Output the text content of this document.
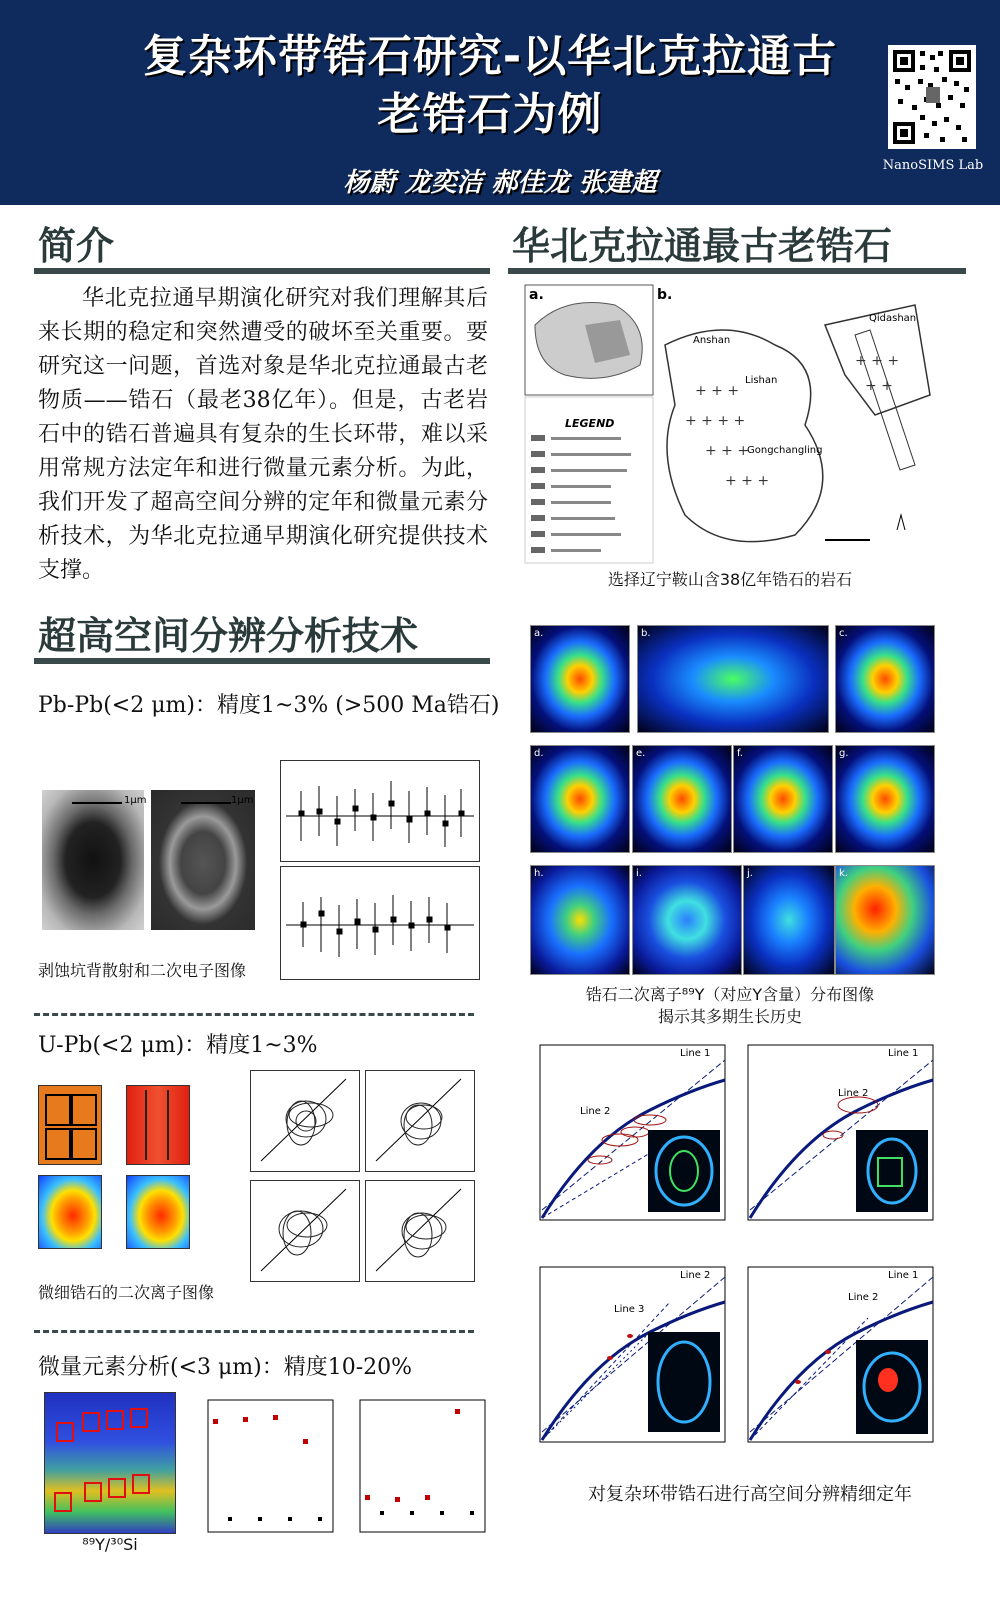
复杂环带锆石研究-以华北克拉通古
老锆石为例
杨蔚 龙奕洁 郝佳龙 张建超
NanoSIMS Lab
简介
华北克拉通早期演化研究对我们理解其后来长期的稳定和突然遭受的破坏至关重要。要研究这一问题，首选对象是华北克拉通最古老物质——锆石（最老38亿年）。但是，古老岩石中的锆石普遍具有复杂的生长环带，难以采用常规方法定年和进行微量元素分析。为此，我们开发了超高空间分辨的定年和微量元素分析技术，为华北克拉通早期演化研究提供技术支撑。
超高空间分辨分析技术
Pb-Pb(<2 μm)：精度1~3% (>500 Ma锆石)
1μm	1μm
剥蚀坑背散射和二次电子图像
U-Pb(<2 μm)：精度1~3%
微细锆石的二次离子图像
微量元素分析(<3 μm)：精度10-20%
⁸⁹Y/³⁰Si
华北克拉通最古老锆石
+ + +
+ + + +
+ + +
+ + +
+ + +
+ +
a.	b.
LEGEND
Anshan
Lishan
Gongchangling
Qidashan
选择辽宁鞍山含38亿年锆石的岩石
a.	b.	c.
d.	e.	f.	g.
h.	i.	j.	k.
锆石二次离子⁸⁹Y（对应Y含量）分布图像
揭示其多期生长历史
Line 1
Line 2
Line 1
Line 2
Line 2
Line 3
Line 1
Line 2
对复杂环带锆石进行高空间分辨精细定年
